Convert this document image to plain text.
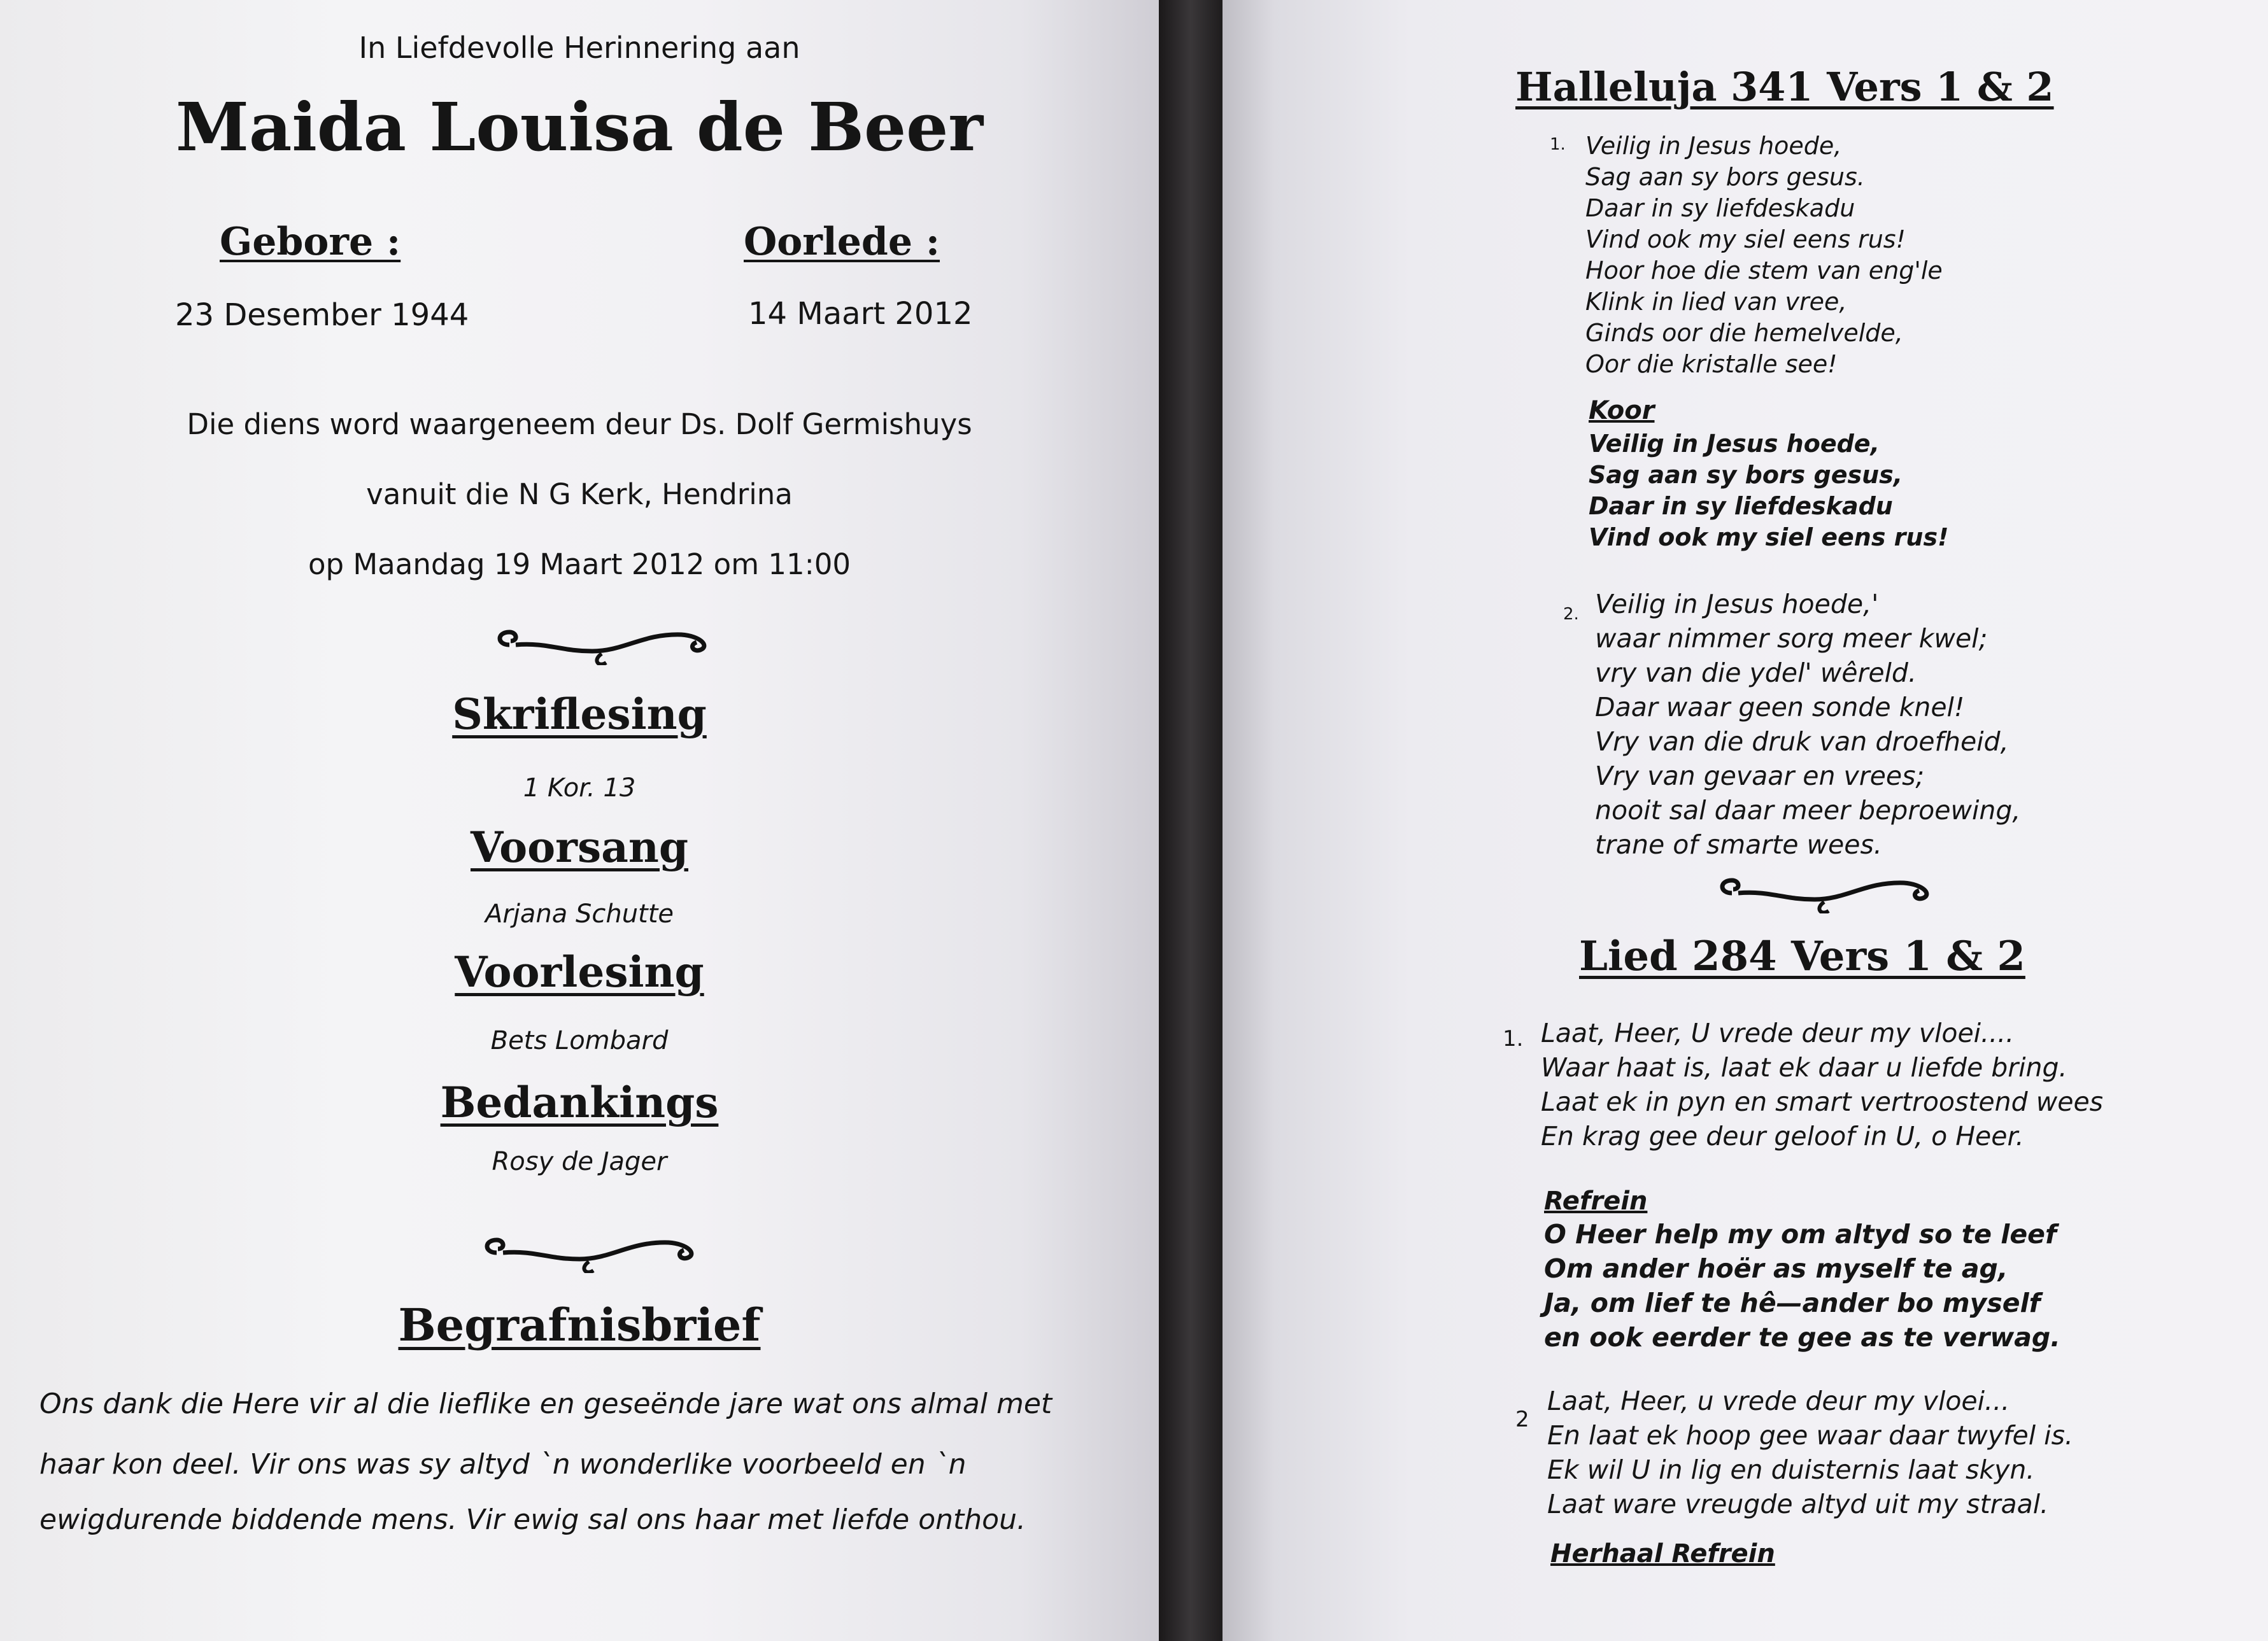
In Liefdevolle Herinnering aan

Maida Louisa de Beer

Gebore :

23 Desember 1944

Oorlede :

14 Maart 2012

Die diens word waargeneem deur Ds. Dolf Germishuys

vanuit die N G Kerk, Hendrina

op Maandag 19 Maart 2012 om 11:00

Skriflesing

1 Kor. 13

Voorsang

Arjana Schutte

Voorlesing

Bets Lombard

Bedankings

Rosy de Jager

Begrafnisbrief

Ons dank die Here vir al die lieflike en geseënde jare wat ons almal met

haar kon deel. Vir ons was sy altyd `n wonderlike voorbeeld en `n

ewigdurende biddende mens. Vir ewig sal ons haar met liefde onthou.

Halleluja 341 Vers 1 & 2

1. Veilig in Jesus hoede,

Sag aan sy bors gesus.

Daar in sy liefdeskadu

Vind ook my siel eens rus!

Hoor hoe die stem van eng'le

Klink in lied van vree,

Ginds oor die hemelvelde,

Oor die kristalle see!

Koor

Veilig in Jesus hoede,

Sag aan sy bors gesus,

Daar in sy liefdeskadu

Vind ook my siel eens rus!

2. Veilig in Jesus hoede,'

waar nimmer sorg meer kwel;

vry van die ydel' wêreld.

Daar waar geen sonde knel!

Vry van die druk van droefheid,

Vry van gevaar en vrees;

nooit sal daar meer beproewing,

trane of smarte wees.

Lied 284 Vers 1 & 2

1. Laat, Heer, U vrede deur my vloei....

Waar haat is, laat ek daar u liefde bring.

Laat ek in pyn en smart vertroostend wees

En krag gee deur geloof in U, o Heer.

Refrein

O Heer help my om altyd so te leef

Om ander hoër as myself te ag,

Ja, om lief te hê—ander bo myself

en ook eerder te gee as te verwag.

2

Laat, Heer, u vrede deur my vloei...

En laat ek hoop gee waar daar twyfel is.

Ek wil U in lig en duisternis laat skyn.

Laat ware vreugde altyd uit my straal.

Herhaal Refrein
